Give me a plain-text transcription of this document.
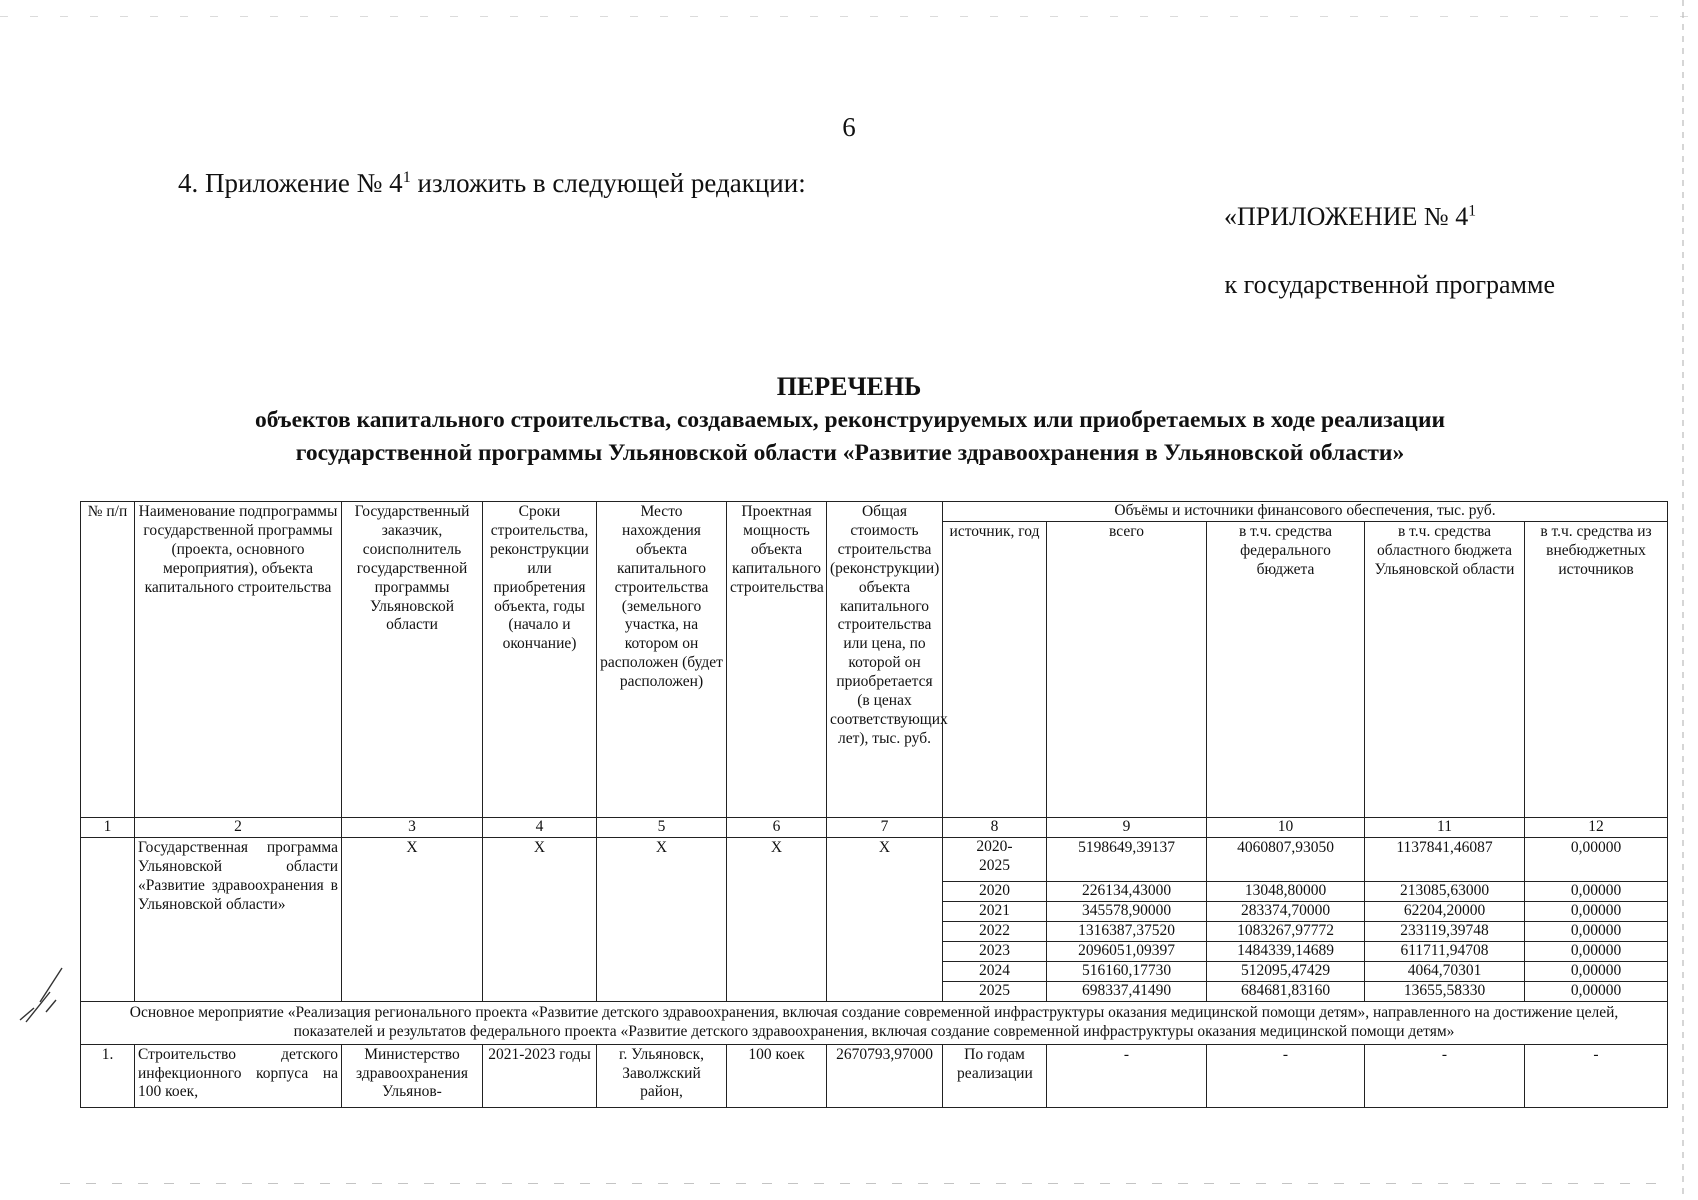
6
4. Приложение № $4^1$ изложить в следующей редакции:
«ПРИЛОЖЕНИЕ № $4^1$
к государственной программе
ПЕРЕЧЕНЬ
объектов капитального строительства, создаваемых, реконструируемых или приобретаемых в ходе реализации
государственной программы Ульяновской области «Развитие здравоохранения в Ульяновской области»
№ п/п	Наименование подпрограммы государственной программы (проекта, основного мероприятия), объекта капитального строительства	Государственный заказчик, соисполнитель государственной программы Ульяновской области	Сроки строительства, реконструкции или приобретения объекта, годы (начало и окончание)	Место нахождения объекта капитального строительства (земельного участка, на котором он расположен (будет расположен)	Проектная мощность объекта капитального строительства	Общая стоимость строительства (реконструкции) объекта капитального строительства или цена, по которой он приобретается (в ценах соответствующих лет), тыс. руб.	Объёмы и источники финансового обеспечения, тыс. руб.				
							источник, год	всего	в т.ч. средства федерального бюджета	в т.ч. средства областного бюджета Ульяновской области	в т.ч. средства из внебюджетных источников
1	2	3	4	5	6	7	8	9	10	11	12
	Государственная программа Ульяновской области «Развитие здравоохранения в Ульяновской области»	X	X	X	X	X	2020-2025	5198649,39137	4060807,93050	1137841,46087	0,00000
							2020	226134,43000	13048,80000	213085,63000	0,00000
							2021	345578,90000	283374,70000	62204,20000	0,00000
							2022	1316387,37520	1083267,97772	233119,39748	0,00000
							2023	2096051,09397	1484339,14689	611711,94708	0,00000
							2024	516160,17730	512095,47429	4064,70301	0,00000
							2025	698337,41490	684681,83160	13655,58330	0,00000
Основное мероприятие «Реализация регионального проекта «Развитие детского здравоохранения, включая создание современной инфраструктуры оказания медицинской помощи детям», направленного на достижение целей, показателей и результатов федерального проекта «Развитие детского здравоохранения, включая создание современной инфраструктуры оказания медицинской помощи детям»											
1.	Строительство детского инфекционного корпуса на 100 коек,	Министерство здравоохранения Ульянов-	2021-2023 годы	г. Ульяновск, Заволжский район,	100 коек	2670793,97000	По годам реализации	-	-	-	-
